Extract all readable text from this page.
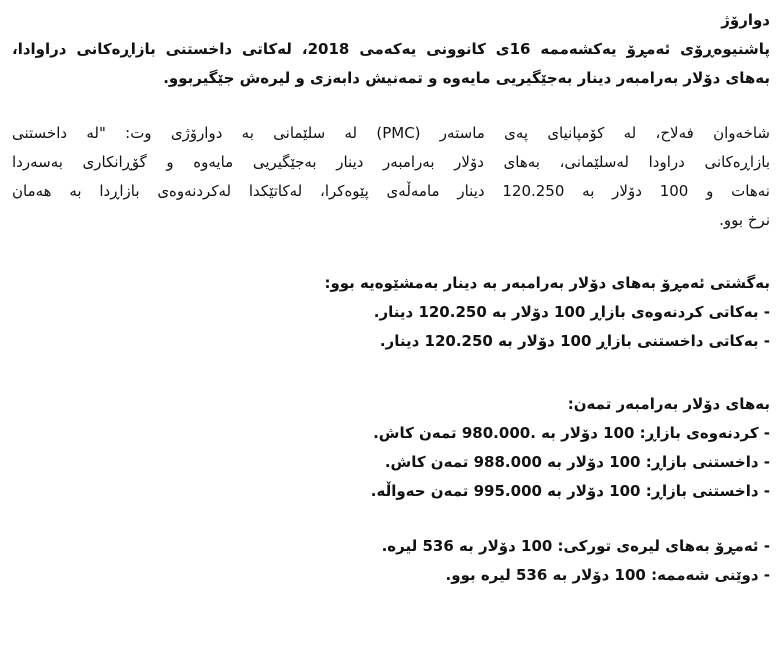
دوارۆژ

پاشنیوەڕۆی ئەمڕۆ یەکشەممە 16ی کانوونی یەکەمی 2018، لەکاتی داخستنی بازاڕەکانی دراوادا،

بەهای دۆلار بەرامبەر دینار بەجێگیریی مایەوە و تمەنیش دابەزی و لیرەش جێگیربوو.

شاخەوان فەلاح، لە کۆمپانیای پەی ماستەر (PMC) لە سلێمانی بە دوارۆژی وت: "لە داخستنی

بازاڕەکانی دراودا لەسلێمانی، بەهای دۆلار بەرامبەر دینار بەجێگیریی مایەوە و گۆڕانکاری بەسەردا

نەهات و 100 دۆلار بە 120.250 دینار مامەڵەی پێوەکرا، لەکاتێکدا لەکردنەوەی بازاڕدا بە هەمان

نرخ بوو.

بەگشتی ئەمڕۆ بەهای دۆلار بەرامبەر بە دینار بەمشێوەیە بوو:

- بەکاتی کردنەوەی بازاڕ 100 دۆلار بە 120.250 دینار.

- بەکاتی داخستنی بازاڕ 100 دۆلار بە 120.250 دینار.

بەهای دۆلار بەرامبەر تمەن:

- کردنەوەی بازاڕ: 100 دۆلار بە .980.000 تمەن کاش.

- داخستنی بازاڕ: 100 دۆلار بە 988.000 تمەن کاش.

- داخستنی بازاڕ: 100 دۆلار بە 995.000 تمەن حەواڵە.

- ئەمڕۆ بەهای لیرەی تورکی: 100 دۆلار بە 536 لیرە.

- دوێنی شەممە: 100 دۆلار بە 536 لیرە بوو.
